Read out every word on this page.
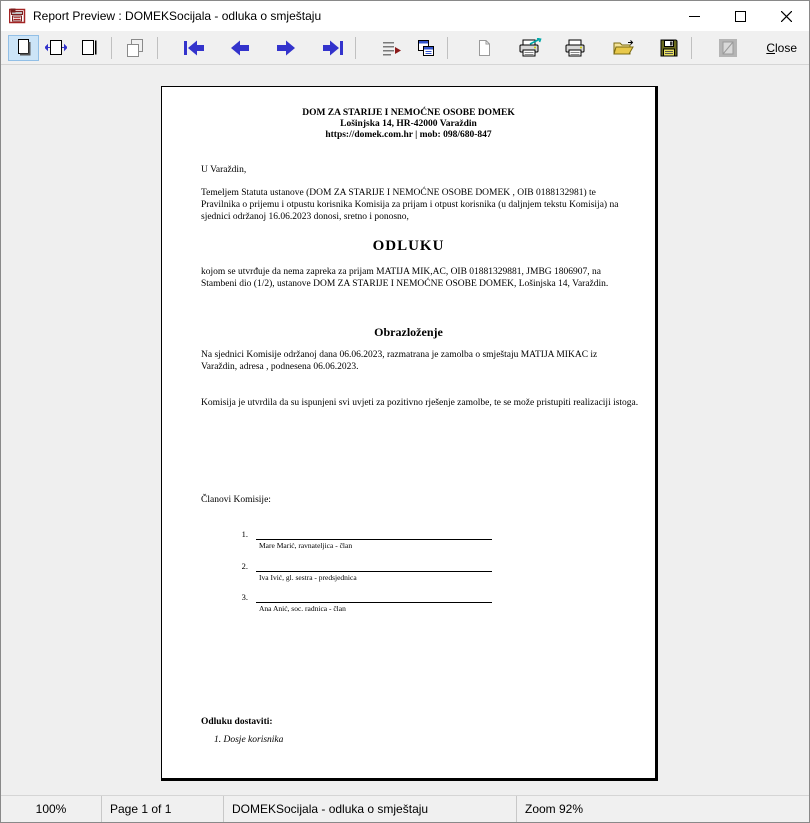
Report Preview : DOMEKSocijala - odluka o smještaju
Close
DOM ZA STARIJE I NEMOĆNE OSOBE DOMEK
Lošinjska 14, HR-42000 Varaždin
https://domek.com.hr | mob: 098/680-847
U Varaždin,
Temeljem Statuta ustanove (DOM ZA STARIJE I NEMOĆNE OSOBE DOMEK , OIB 0188132981) te Pravilnika o prijemu i otpustu korisnika Komisija za prijam i otpust korisnika (u daljnjem tekstu Komisija) na sjednici održanoj 16.06.2023 donosi, sretno i ponosno,
ODLUKU
kojom se utvrđuje da nema zapreka za prijam MATIJA MIK,AC, OIB 01881329881, JMBG 1806907, na Stambeni dio (1/2), ustanove DOM ZA STARIJE I NEMOĆNE OSOBE DOMEK, Lošinjska 14, Varaždin.
Obrazloženje
Na sjednici Komisije održanoj dana 06.06.2023, razmatrana je zamolba o smještaju MATIJA MIKAC iz Varaždin, adresa , podnesena 06.06.2023.
Komisija je utvrdila da su ispunjeni svi uvjeti za pozitivno rješenje zamolbe, te se može pristupiti realizaciji istoga.
Članovi Komisije:
1.
Mare Marić, ravnateljica - član
2.
Iva Ivić, gl. sestra - predsjednica
3.
Ana Anić, soc. radnica - član
Odluku dostaviti:
1. Dosje korisnika
100%	Page 1 of 1	DOMEKSocijala - odluka o smještaju	Zoom 92%
